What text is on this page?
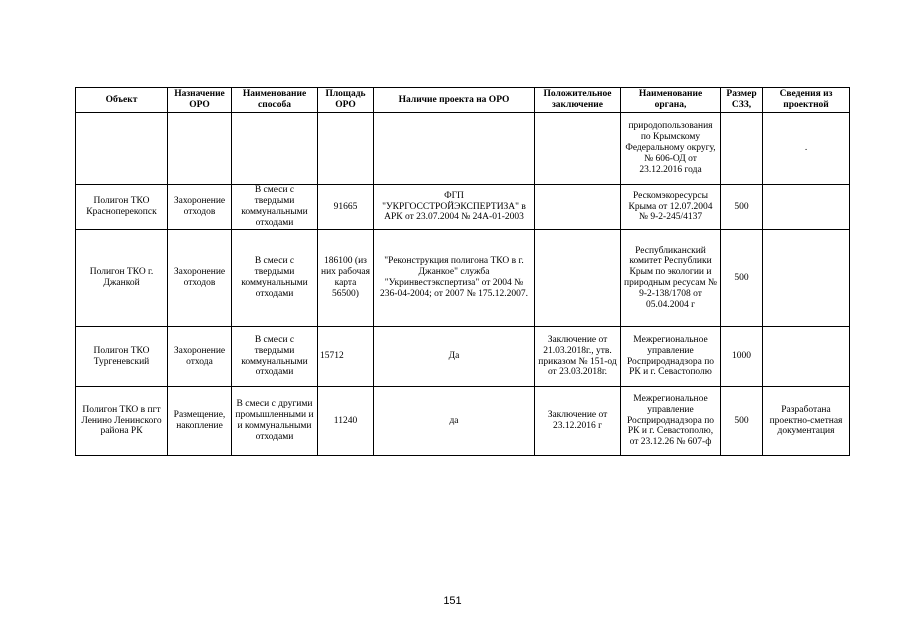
Объект	Назначение ОРО	Наименование способа	Площадь ОРО	Наличие проекта на ОРО	Положительное заключение	Наименование органа,	Размер СЗЗ,	Сведения из проектной
						природопользования по Крымскому Федеральному округу, № 606-ОД от 23.12.2016 года		.
Полигон ТКО Красноперекопск	Захоронение отходов	В смеси с твердыми коммунальными отходами	91665	ФГП "УКРГОССТРОЙЭКСПЕРТИЗА" в АРК от 23.07.2004 № 24А-01-2003		Рескомэкоресурсы Крыма от 12.07.2004 № 9-2-245/4137	500	
Полигон ТКО г. Джанкой	Захоронение отходов	В смеси с твердыми коммунальными отходами	186100 (из них рабочая карта 56500)	"Реконструкция полигона ТКО в г. Джанкое" служба "Укринвестэкспертиза" от 2004 № 236-04-2004; от 2007 № 175.12.2007.		Республиканский комитет Республики Крым по экологии и природным ресусам № 9-2-138/1708 от 05.04.2004 г	500	
Полигон ТКО Тургеневский	Захоронение отхода	В смеси с твердыми коммунальными отходами	15712	Да	Заключение от 21.03.2018г., утв. приказом № 151-од от 23.03.2018г.	Межрегиональное управление Росприроднадзора по РК и г. Севастополю	1000	
Полигон ТКО в пгт Ленино Ленинского района РК	Размещение, накопление	В смеси с другими промышленными и и коммунальными отходами	11240	да	Заключение от 23.12.2016 г	Межрегиональное управление Росприроднадзора по РК и г. Севастополю, от 23.12.26 № 607-ф	500	Разработана проектно-сметная документация
151
